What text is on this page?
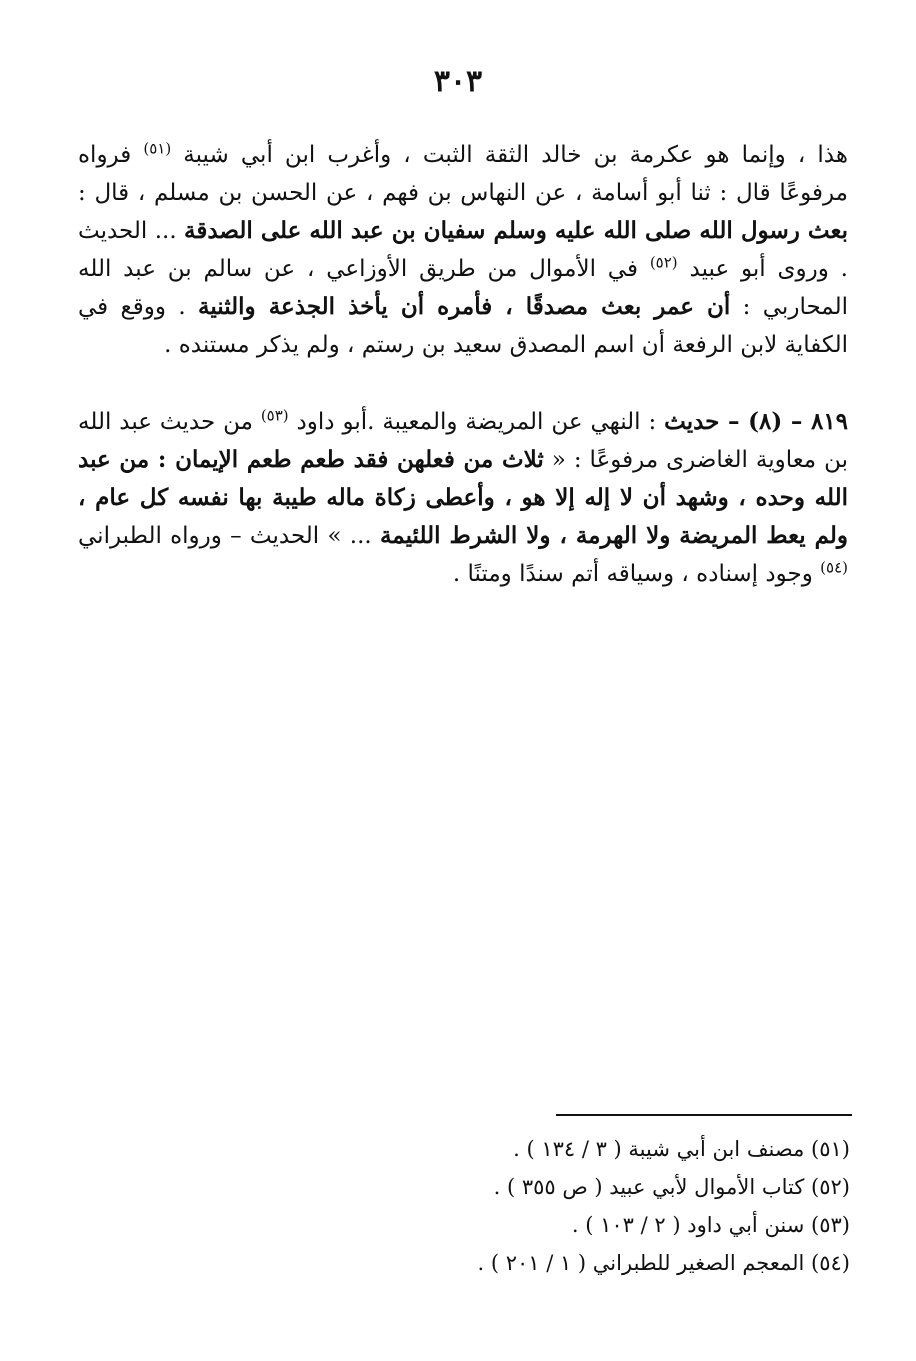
٣٠٣

هذا ، وإنما هو عكرمة بن خالد الثقة الثبت ، وأغرب ابن أبي شيبة $^{(٥١)}$ فرواه مرفوعًا قال : ثنا أبو أسامة ، عن النهاس بن فهم ، عن الحسن بن مسلم ، قال : بعث رسول الله صلى الله عليه وسلم سفيان بن عبد الله على الصدقة ... الحديث . وروى أبو عبيد $^{(٥٢)}$ في الأموال من طريق الأوزاعي ، عن سالم بن عبد الله المحاربي : أن عمر بعث مصدقًا ، فأمره أن يأخذ الجذعة والثنية . ووقع في الكفاية لابن الرفعة أن اسم المصدق سعيد بن رستم ، ولم يذكر مستنده .

٨١٩ – (٨) – حديث : النهي عن المريضة والمعيبة .أبو داود $^{(٥٣)}$ من حديث عبد الله بن معاوية الغاضرى مرفوعًا : « ثلاث من فعلهن فقد طعم طعم الإيمان : من عبد الله وحده ، وشهد أن لا إله إلا هو ، وأعطى زكاة ماله طيبة بها نفسه كل عام ، ولم يعط المريضة ولا الهرمة ، ولا الشرط اللئيمة ... » الحديث – ورواه الطبراني $^{(٥٤)}$ وجود إسناده ، وسياقه أتم سندًا ومتنًا .

(٥١) مصنف ابن أبي شيبة ( ٣ / ١٣٤ ) .
(٥٢) كتاب الأموال لأبي عبيد ( ص ٣٥٥ ) .
(٥٣) سنن أبي داود ( ٢ / ١٠٣ ) .
(٥٤) المعجم الصغير للطبراني ( ١ / ٢٠١ ) .
